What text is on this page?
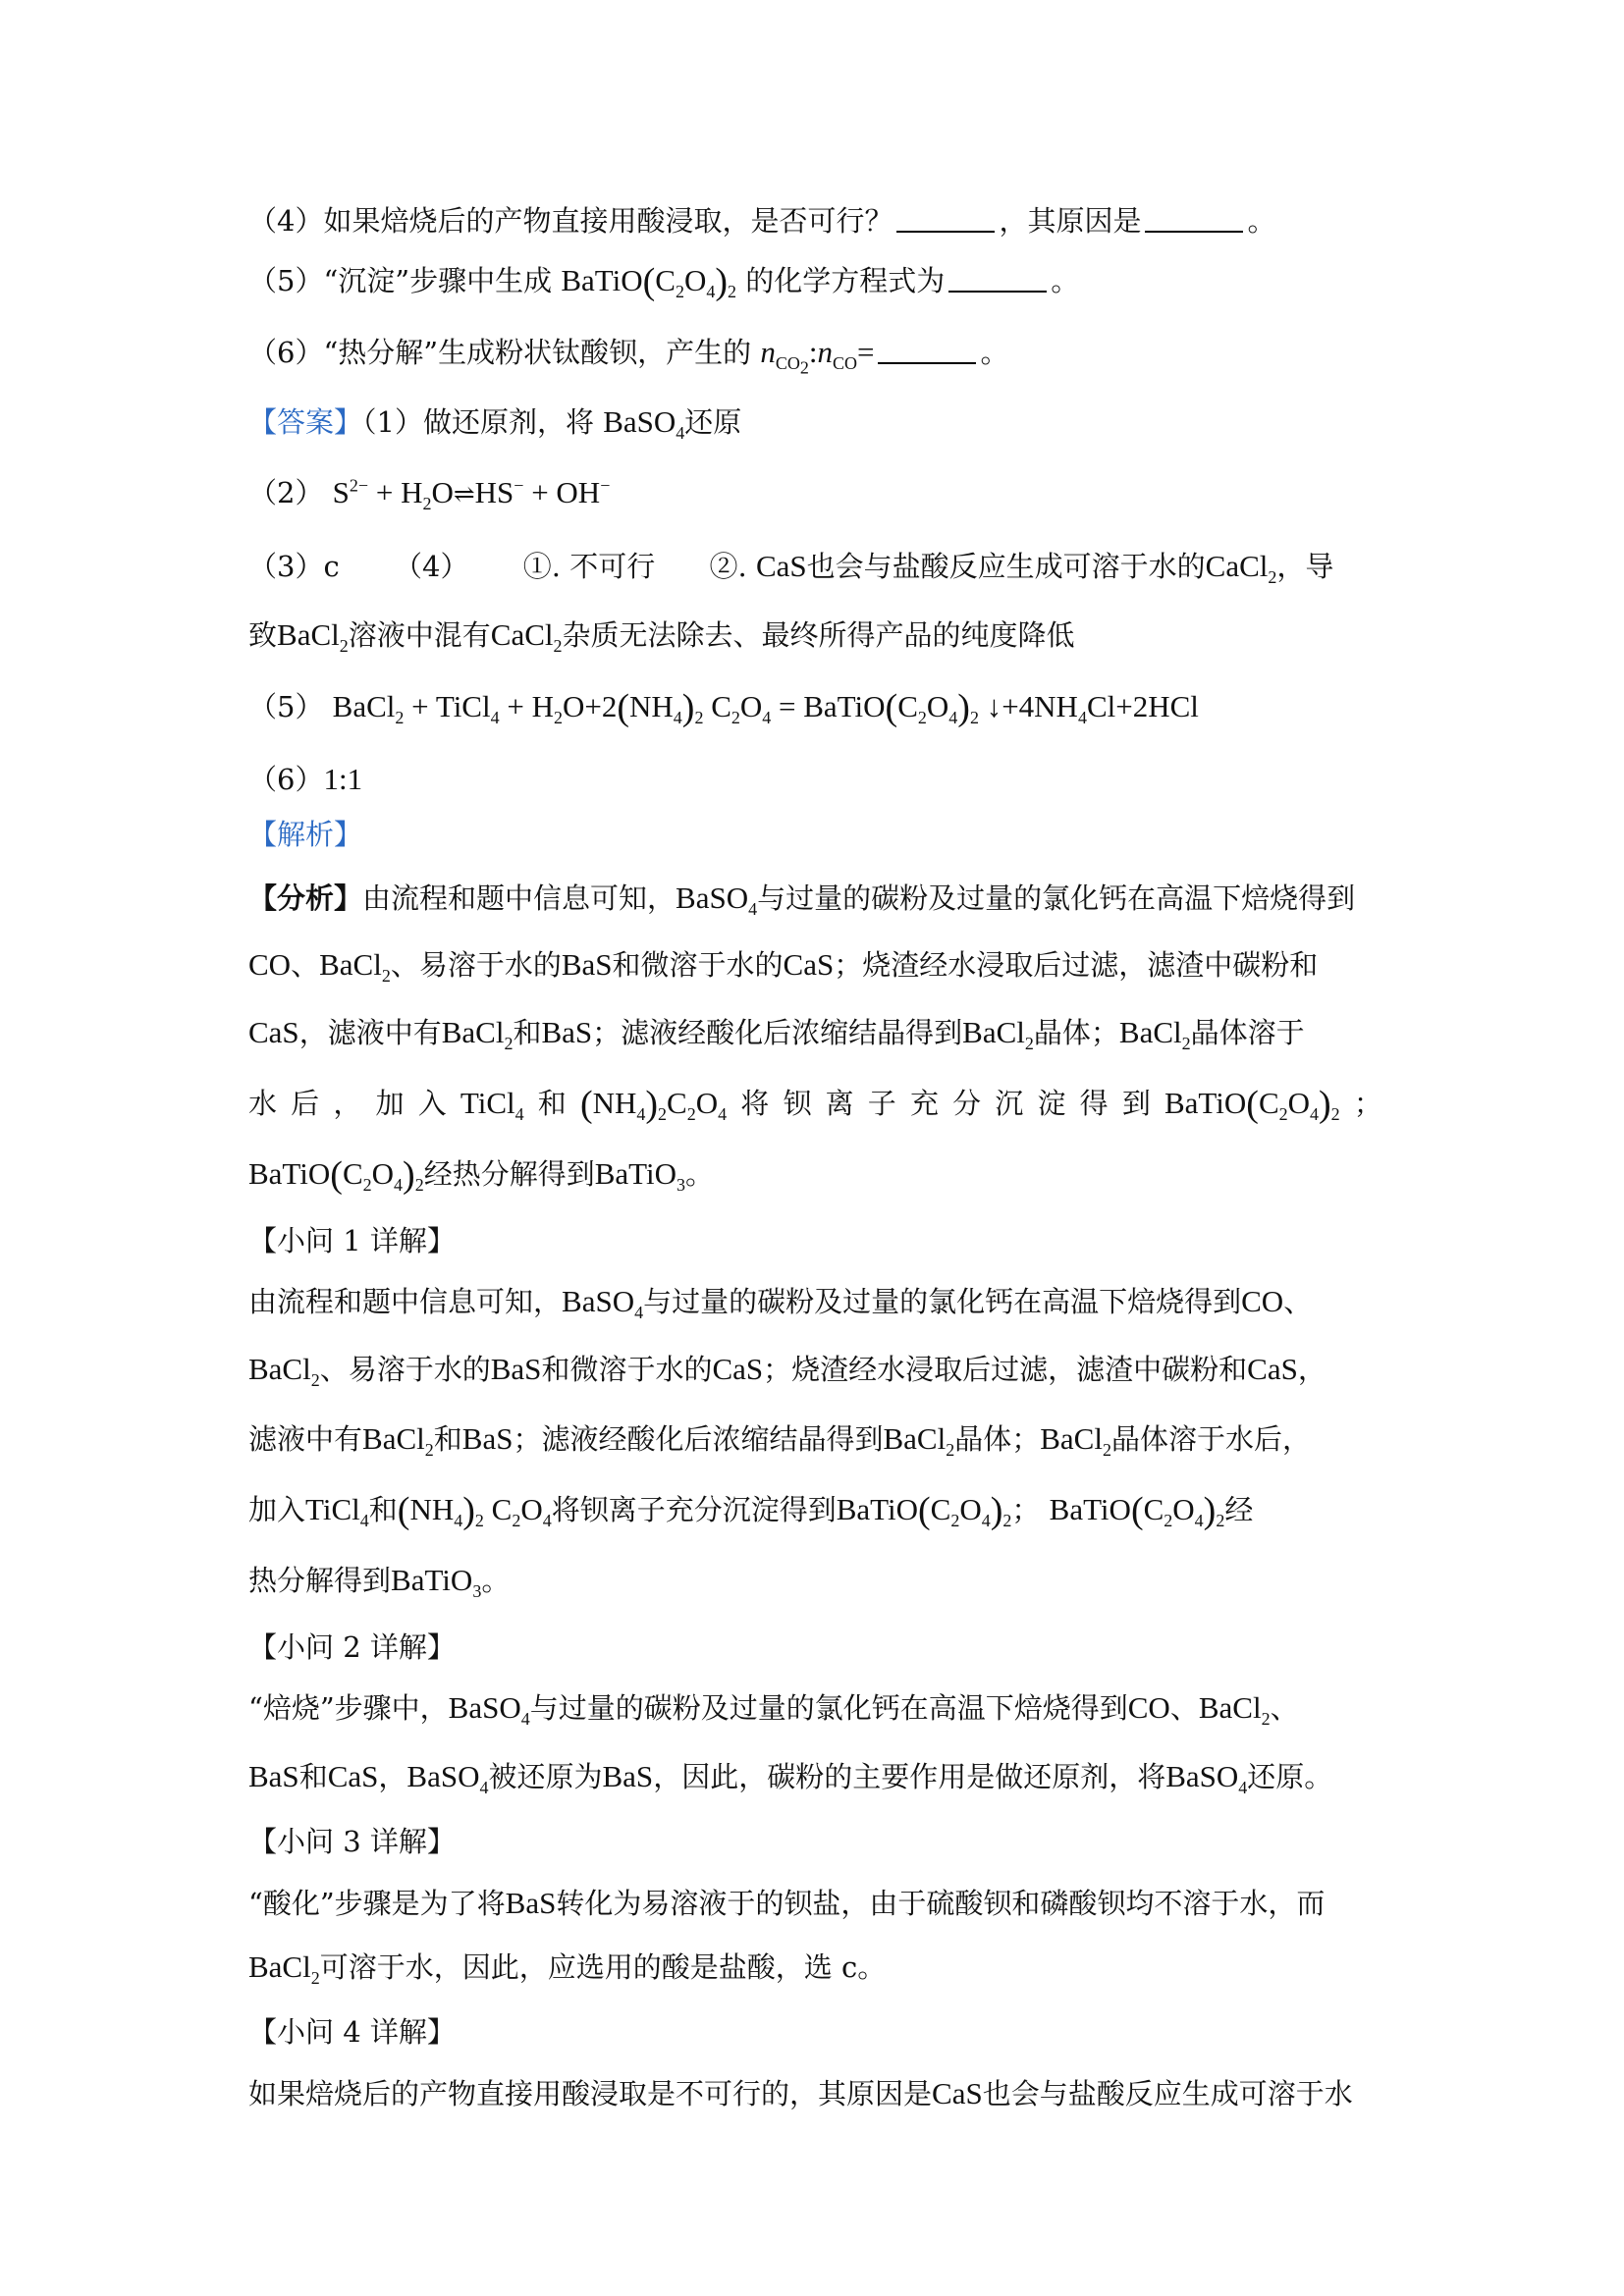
（4）如果焙烧后的产物直接用酸浸取，是否可行？	，其原因是	。
（5）“沉淀”步骤中生成 $BaTiO(C_2O_4)_2$ 的化学方程式为	。
（6）“热分解”生成粉状钛酸钡，产生的 $n_{CO_2}:n_{CO}=$	。
【答案】（1）做还原剂，将 BaSO$_4$还原
（2） $S^{2-}$ + $H_2O\rightleftharpoons HS^- + OH^-$
（3）c （4） ①. 不可行 ②. CaS也会与盐酸反应生成可溶于水的CaCl$_2$，导
致BaCl$_2$溶液中混有CaCl$_2$杂质无法除去、最终所得产品的纯度降低
（5） BaCl$_2$ + TiCl$_4$ + $H_2O+2(NH_4)_2$ $C_2O_4$ = $BaTiO(C_2O_4)_2$ $↓+4NH_4Cl+2HCl$
（6）1:1
【解析】
【分析】由流程和题中信息可知，BaSO$_4$与过量的碳粉及过量的氯化钙在高温下焙烧得到
CO、BaCl$_2$、易溶于水的BaS和微溶于水的CaS；烧渣经水浸取后过滤，滤渣中碳粉和
CaS，滤液中有BaCl$_2$和BaS；滤液经酸化后浓缩结晶得到BaCl$_2$晶体；BaCl$_2$晶体溶于
水 后 ， 加 入 TiCl$_4$ 和 $(NH_4)_2C_2O_4$ 将 钡 离 子 充 分 沉 淀 得 到 $BaTiO(C_2O_4)_2$ ；
$BaTiO(C_2O_4)_2$经热分解得到BaTiO$_3$。
【小问 1 详解】
由流程和题中信息可知，BaSO$_4$与过量的碳粉及过量的氯化钙在高温下焙烧得到CO、
BaCl$_2$、易溶于水的BaS和微溶于水的CaS；烧渣经水浸取后过滤，滤渣中碳粉和CaS，
滤液中有BaCl$_2$和BaS；滤液经酸化后浓缩结晶得到BaCl$_2$晶体；BaCl$_2$晶体溶于水后，
加入TiCl$_4$和$(NH_4)_2$ $C_2O_4$将钡离子充分沉淀得到$BaTiO(C_2O_4)_2$； $BaTiO(C_2O_4)_2$经
热分解得到BaTiO$_3$。
【小问 2 详解】
“焙烧”步骤中，BaSO$_4$与过量的碳粉及过量的氯化钙在高温下焙烧得到CO、BaCl$_2$、
BaS和CaS，BaSO$_4$被还原为BaS，因此，碳粉的主要作用是做还原剂，将BaSO$_4$还原。
【小问 3 详解】
“酸化”步骤是为了将BaS转化为易溶液于的钡盐，由于硫酸钡和磷酸钡均不溶于水，而
BaCl$_2$可溶于水，因此，应选用的酸是盐酸，选 c。
【小问 4 详解】
如果焙烧后的产物直接用酸浸取是不可行的，其原因是CaS也会与盐酸反应生成可溶于水
